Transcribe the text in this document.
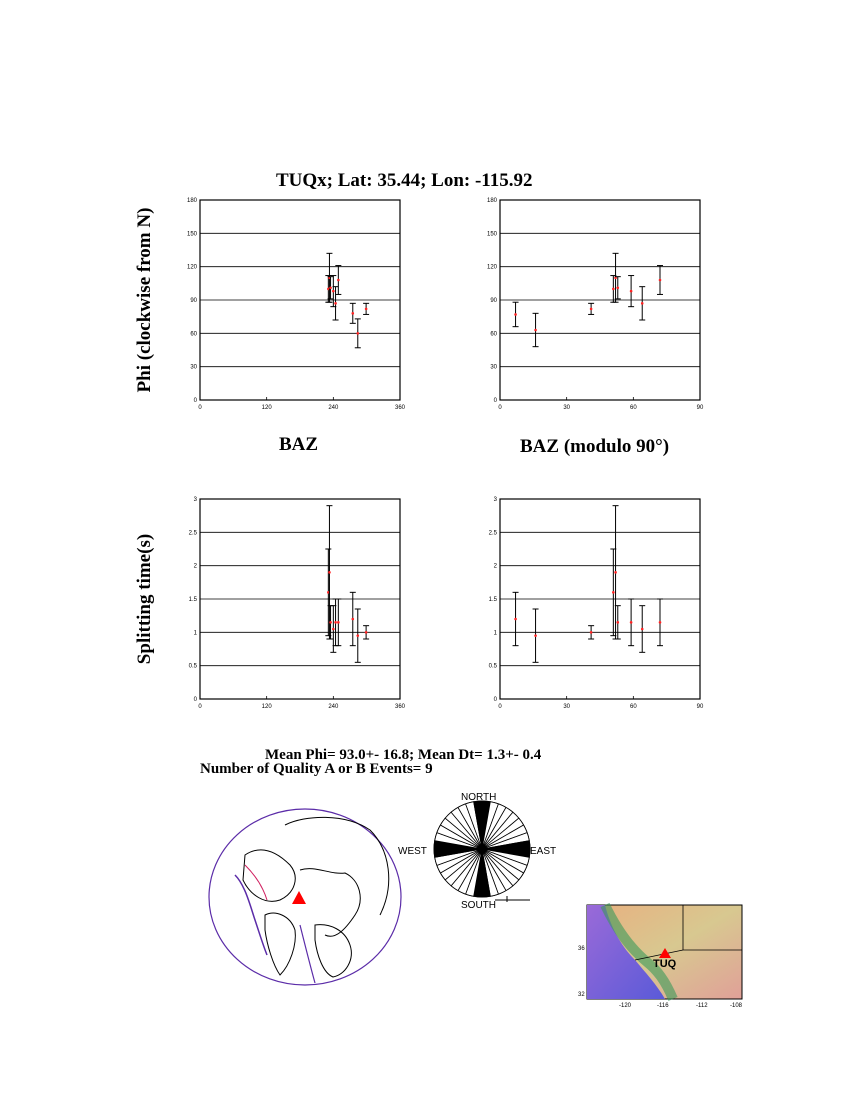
TUQx; Lat: 35.44; Lon: -115.92
Phi (clockwise from N)
Splitting time(s)
BAZ	BAZ (modulo 90°)
0
30
60
90
120
150
180
0	120	240	360
0
30
60
90
120
150
180
0	30	60	90
0
0.5
1
1.5
2
2.5
3
0	120	240	360
0
0.5
1
1.5
2
2.5
3
0	30	60	90
Mean Phi= 93.0+- 16.8; Mean Dt= 1.3+- 0.4
Number of Quality A or B Events= 9
NORTH
SOUTH
WEST	EAST
TUQ
36
32
-120	-116	-112	-108
